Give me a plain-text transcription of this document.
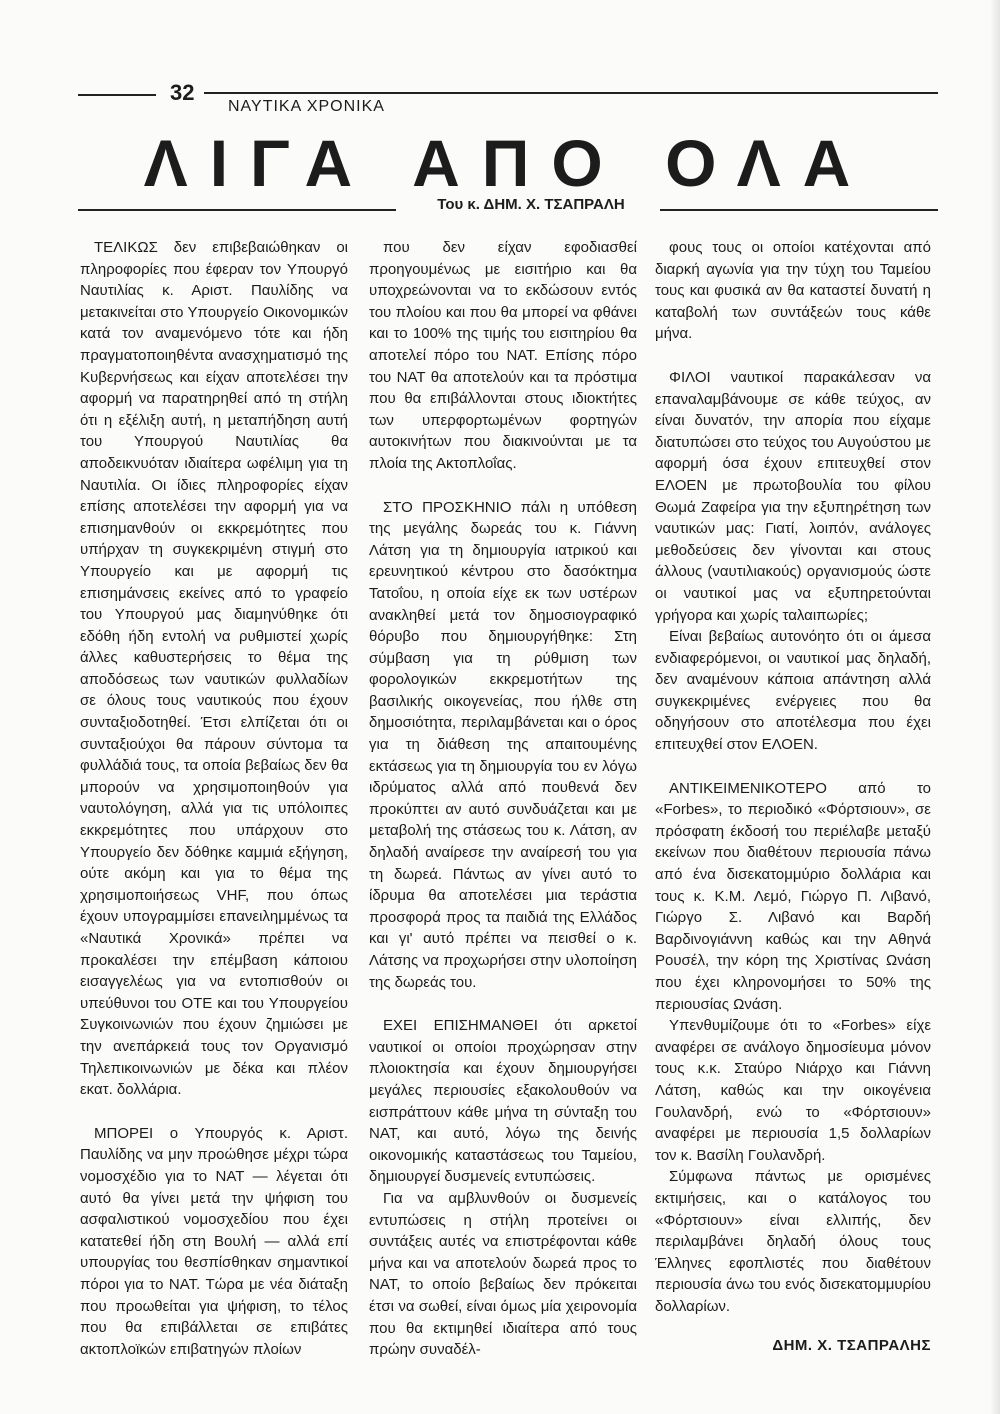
32
ΝΑΥΤΙΚΑ ΧΡΟΝΙΚΑ
ΛΙΓΑ ΑΠΟ ΟΛΑ
Του κ. ΔΗΜ. Χ. ΤΣΑΠΡΑΛΗ

ΤΕΛΙΚΩΣ δεν επιβεβαιώθηκαν οι πληροφορίες που έφεραν τον Υπουργό Ναυτιλίας κ. Αριστ. Παυλίδης να μετακινείται στο Υπουργείο Οικονομικών κατά τον αναμενόμενο τότε και ήδη πραγματοποιηθέντα ανασχηματισμό της Κυβερνήσεως και είχαν αποτελέσει την αφορμή να παρατηρηθεί από τη στήλη ότι η εξέλιξη αυτή, η μεταπήδηση αυτή του Υπουργού Ναυτιλίας θα αποδεικνυόταν ιδιαίτερα ωφέλιμη για τη Ναυτιλία. Οι ίδιες πληροφορίες είχαν επίσης αποτελέσει την αφορμή για να επισημανθούν οι εκκρεμότητες που υπήρχαν τη συγκεκριμένη στιγμή στο Υπουργείο και με αφορμή τις επισημάνσεις εκείνες από το γραφείο του Υπουργού μας διαμηνύθηκε ότι εδόθη ήδη εντολή να ρυθμιστεί χωρίς άλλες καθυστερήσεις το θέμα της αποδόσεως των ναυτικών φυλλαδίων σε όλους τους ναυτικούς που έχουν συνταξιοδοτηθεί. Έτσι ελπίζεται ότι οι συνταξιούχοι θα πάρουν σύντομα τα φυλλάδιά τους, τα οποία βεβαίως δεν θα μπορούν να χρησιμοποιηθούν για ναυτολόγηση, αλλά για τις υπόλοιπες εκκρεμότητες που υπάρχουν στο Υπουργείο δεν δόθηκε καμμιά εξήγηση, ούτε ακόμη και για το θέμα της χρησιμοποιήσεως VHF, που όπως έχουν υπογραμμίσει επανειλημμένως τα «Ναυτικά Χρονικά» πρέπει να προκαλέσει την επέμβαση κάποιου εισαγγελέως για να εντοπισθούν οι υπεύθυνοι του ΟΤΕ και του Υπουργείου Συγκοινωνιών που έχουν ζημιώσει με την ανεπάρκειά τους τον Οργανισμό Τηλεπικοινωνιών με δέκα και πλέον εκατ. δολλάρια.

ΜΠΟΡΕΙ ο Υπουργός κ. Αριστ. Παυλίδης να μην προώθησε μέχρι τώρα νομοσχέδιο για το ΝΑΤ — λέγεται ότι αυτό θα γίνει μετά την ψήφιση του ασφαλιστικού νομοσχεδίου που έχει κατατεθεί ήδη στη Βουλή — αλλά επί υπουργίας του θεσπίσθηκαν σημαντικοί πόροι για το ΝΑΤ. Τώρα με νέα διάταξη που προωθείται για ψήφιση, το τέλος που θα επιβάλλεται σε επιβάτες ακτοπλοϊκών επιβατηγών πλοίων

που δεν είχαν εφοδιασθεί προηγουμένως με εισιτήριο και θα υποχρεώνονται να το εκδώσουν εντός του πλοίου και που θα μπορεί να φθάνει και το 100% της τιμής του εισιτηρίου θα αποτελεί πόρο του ΝΑΤ. Επίσης πόρο του ΝΑΤ θα αποτελούν και τα πρόστιμα που θα επιβάλλονται στους ιδιοκτήτες των υπερφορτωμένων φορτηγών αυτοκινήτων που διακινούνται με τα πλοία της Ακτοπλοΐας.

ΣΤΟ ΠΡΟΣΚΗΝΙΟ πάλι η υπόθεση της μεγάλης δωρεάς του κ. Γιάννη Λάτση για τη δημιουργία ιατρικού και ερευνητικού κέντρου στο δασόκτημα Τατοΐου, η οποία είχε εκ των υστέρων ανακληθεί μετά τον δημοσιογραφικό θόρυβο που δημιουργήθηκε: Στη σύμβαση για τη ρύθμιση των φορολογικών εκκρεμοτήτων της βασιλικής οικογενείας, που ήλθε στη δημοσιότητα, περιλαμβάνεται και ο όρος για τη διάθεση της απαιτουμένης εκτάσεως για τη δημιουργία του εν λόγω ιδρύματος αλλά από πουθενά δεν προκύπτει αν αυτό συνδυάζεται και με μεταβολή της στάσεως του κ. Λάτση, αν δηλαδή αναίρεσε την αναίρεσή του για τη δωρεά. Πάντως αν γίνει αυτό το ίδρυμα θα αποτελέσει μια τεράστια προσφορά προς τα παιδιά της Ελλάδος και γι' αυτό πρέπει να πεισθεί ο κ. Λάτσης να προχωρήσει στην υλοποίηση της δωρεάς του.

ΕΧΕΙ ΕΠΙΣΗΜΑΝΘΕΙ ότι αρκετοί ναυτικοί οι οποίοι προχώρησαν στην πλοιοκτησία και έχουν δημιουργήσει μεγάλες περιουσίες εξακολουθούν να εισπράττουν κάθε μήνα τη σύνταξη του ΝΑΤ, και αυτό, λόγω της δεινής οικονομικής καταστάσεως του Ταμείου, δημιουργεί δυσμενείς εντυπώσεις.

Για να αμβλυνθούν οι δυσμενείς εντυπώσεις η στήλη προτείνει οι συντάξεις αυτές να επιστρέφονται κάθε μήνα και να αποτελούν δωρεά προς το ΝΑΤ, το οποίο βεβαίως δεν πρόκειται έτσι να σωθεί, είναι όμως μία χειρονομία που θα εκτιμηθεί ιδιαίτερα από τους πρώην συναδέλ-

φους τους οι οποίοι κατέχονται από διαρκή αγωνία για την τύχη του Ταμείου τους και φυσικά αν θα καταστεί δυνατή η καταβολή των συντάξεών τους κάθε μήνα.

ΦΙΛΟΙ ναυτικοί παρακάλεσαν να επαναλαμβάνουμε σε κάθε τεύχος, αν είναι δυνατόν, την απορία που είχαμε διατυπώσει στο τεύχος του Αυγούστου με αφορμή όσα έχουν επιτευχθεί στον ΕΛΟΕΝ με πρωτοβουλία του φίλου Θωμά Ζαφείρα για την εξυπηρέτηση των ναυτικών μας: Γιατί, λοιπόν, ανάλογες μεθοδεύσεις δεν γίνονται και στους άλλους (ναυτιλιακούς) οργανισμούς ώστε οι ναυτικοί μας να εξυπηρετούνται γρήγορα και χωρίς ταλαιπωρίες;

Είναι βεβαίως αυτονόητο ότι οι άμεσα ενδιαφερόμενοι, οι ναυτικοί μας δηλαδή, δεν αναμένουν κάποια απάντηση αλλά συγκεκριμένες ενέργειες που θα οδηγήσουν στο αποτέλεσμα που έχει επιτευχθεί στον ΕΛΟΕΝ.

ΑΝΤΙΚΕΙΜΕΝΙΚΟΤΕΡΟ από το «Forbes», το περιοδικό «Φόρτσιουν», σε πρόσφατη έκδοσή του περιέλαβε μεταξύ εκείνων που διαθέτουν περιουσία πάνω από ένα δισεκατομμύριο δολλάρια και τους κ. Κ.Μ. Λεμό, Γιώργο Π. Λιβανό, Γιώργο Σ. Λιβανό και Βαρδή Βαρδινογιάννη καθώς και την Αθηνά Ρουσέλ, την κόρη της Χριστίνας Ωνάση που έχει κληρονομήσει το 50% της περιουσίας Ωνάση.

Υπενθυμίζουμε ότι το «Forbes» είχε αναφέρει σε ανάλογο δημοσίευμα μόνον τους κ.κ. Σταύρο Νιάρχο και Γιάννη Λάτση, καθώς και την οικογένεια Γουλανδρή, ενώ το «Φόρτσιουν» αναφέρει με περιουσία 1,5 δολλαρίων τον κ. Βασίλη Γουλανδρή.

Σύμφωνα πάντως με ορισμένες εκτιμήσεις, και ο κατάλογος του «Φόρτσιουν» είναι ελλιπής, δεν περιλαμβάνει δηλαδή όλους τους Έλληνες εφοπλιστές που διαθέτουν περιουσία άνω του ενός δισεκατομμυρίου δολλαρίων.

ΔΗΜ. Χ. ΤΣΑΠΡΑΛΗΣ
